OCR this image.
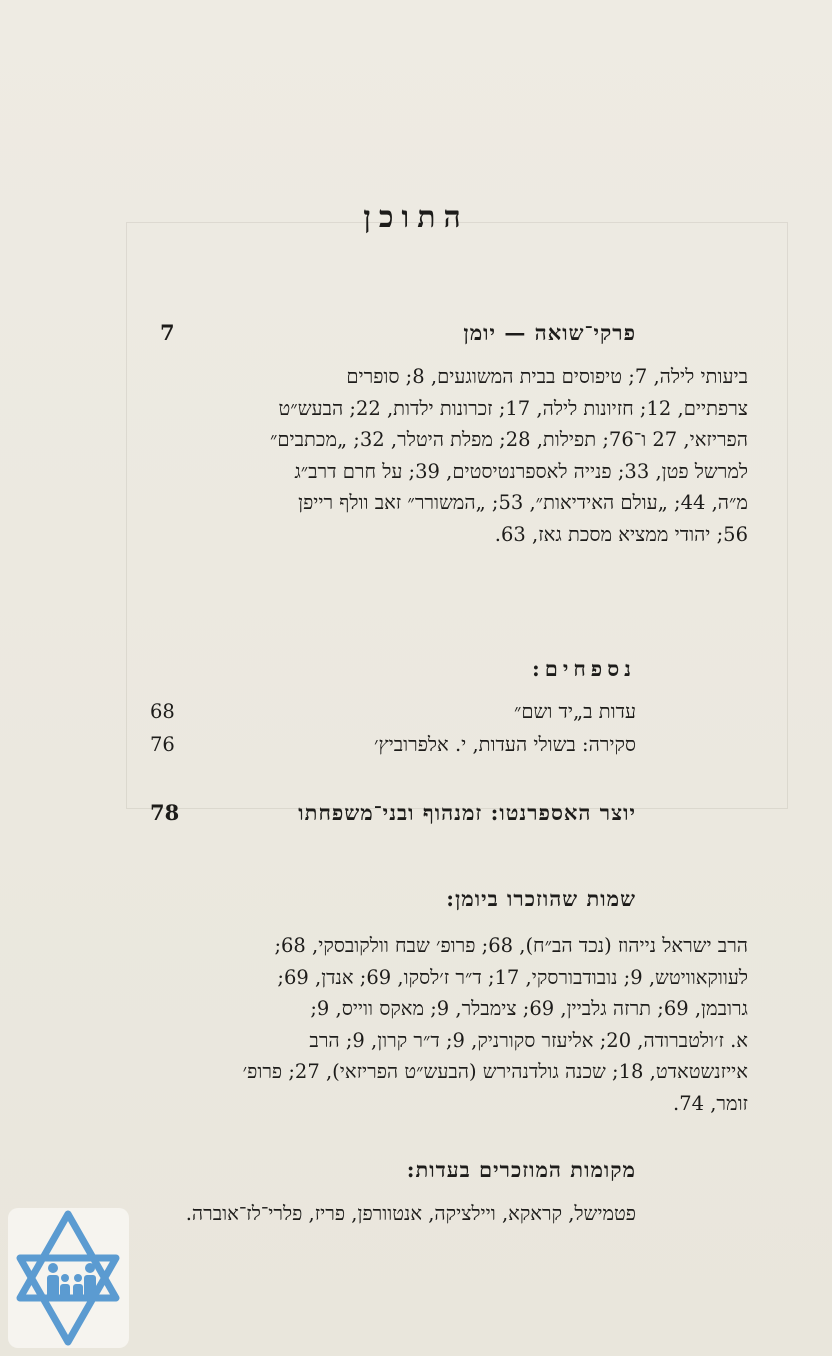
התוכן
פרקי־שואה — יומן
7
ביעותי לילה, 7; טיפוסים בבית המשוגעים, 8; סופרים
צרפתיים, 12; חזיונות לילה, 17; זכרונות ילדות, 22; הבעש״ט
הפריזאי, 27 ו־76; תפילות, 28; מפלת היטלר, 32; „מכתבים״
למרשל פטן, 33; פנייה לאספרנטיסטים, 39; על חרם דרב״ג
מ״ה, 44; „עולם האידיאות״, 53; „המשורר״ זאב וולף רייפן
56; יהודי ממציא מסכת גאז, 63.
נספחים:
68	עדות ב„יד ושם״
76	סקירה: בשולי העדות, י. אלפרוביץ׳
יוצר האספרנטו: זמנהוף ובני־משפחתו
78
שמות שהוזכרו ביומן:
הרב ישראל נייהוז (נכד הב״ח), 68; פרופ׳ שבח וולקובסקי, 68;
לעווקאוויטש, 9; נובודבורסקי, 17; ד״ר ז׳לסקו, 69; אנדן, 69;
גרובמן, 69; תרזה גלביין, 69; צימבלר, 9; מאקס ווייס, 9;
א. ז׳ולטברודה, 20; אליעזר סקורניק, 9; ד״ר קרון, 9; הרב
אייזנשטאדט, 18; שכנה גולדנהירש (הבעש״ט הפריזאי), 27; פרופ׳
זומר, 74.
מקומות המוזכרים בעדות:
פטמישל, קראקא, ויילציקה, אנטוורפן, פריז, פלרי־לז־אוברה.
